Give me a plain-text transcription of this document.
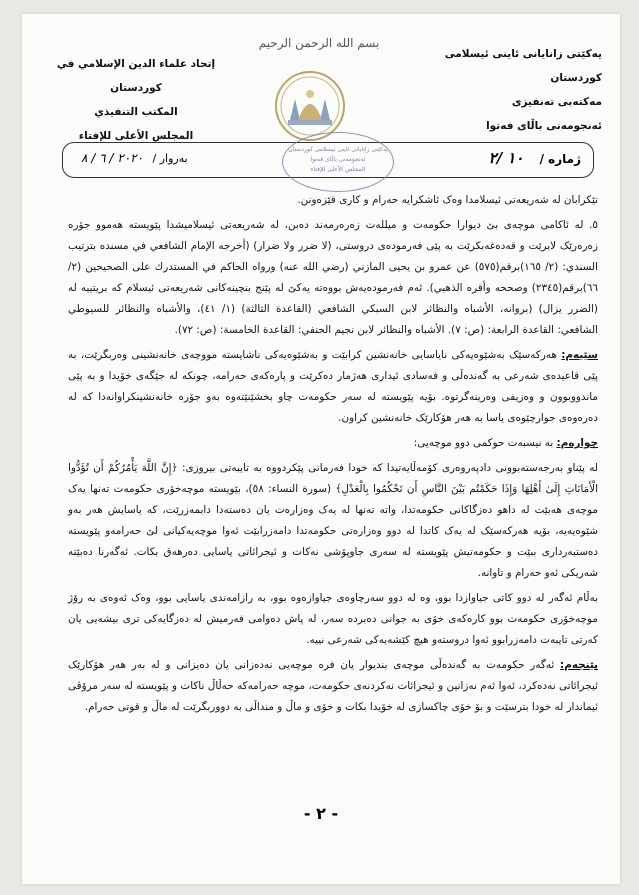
یەکێتی زانایانی ئاینی ئیسلامی کوردستان
مەکتەبی تەنفیزی
ئەنجومەنی باڵای فەتوا
بسم الله الرحمن الرحيم
إتحاد علماء الدين الإسلامي في كوردستان
المكتب التنفيذي
المجلس الأعلى للإفتاء
ژمارە / ١٠ /٢
بەروار / ٢٠٢٠ / ٦ / ٨
یەکێتی زانایانی ئاینی ئیسلامی کوردستان
ئەنجومەنی باڵای فەتوا
المجلس الأعلى للإفتاء

تێکرابان لە شەریعەتی ئیسلامدا وەک ئاشکرایە حەرام و کاری قێزەونن.

٥. لە ئاکامی موچەی بێ دیوارا حکومەت و میللەت زەرەرمەند دەبن، لە شەریعەتی ئیسلامیشدا پێویستە هەموو جۆرە زەرەرێک لابرێت و قەدەغەبکرێت بە پێی فەرمودەی دروستی، (لا ضرر ولا ضرار) (أخرجه الإمام الشافعي في مسنده بترتيب السندي: (٢/ ١٦٥)برقم(٥٧٥) عن عمرو بن يحيى المازني (رضي الله عنه) ورواه الحاكم في المستدرك على الصحيحين (٢/ ٦٦)برقم(٢٣٤٥) وصححه وأقره الذهبي). ئەم فەرمودەیەش بووەتە یەکێ لە پێنج بنچینەکانی شەریعەتی ئیسلام کە بریتییە لە (الضرر يزال) (بروانە، الأشباه والنظائر لابن السبكي الشافعي (القاعدة الثالثة) (١/ ٤١)، والأشباه والنظائر للسيوطي الشافعي: القاعدة الرابعة: (ص: ٧). الأشباه والنظائر لابن نجيم الحنفي: القاعدة الخامسة: (ص: ٧٢).

سێیەم: هەرکەسێک بەشێوەیەکی نایاسایی خانەنشین کرابێت و بەشێوەیەکی ناشایستە مووچەی خانەنشینی وەربگرێت، بە پێی قاعیدەی شەرعی بە گەندەڵی و فەسادی ئیداری هەژمار دەکرێت و پارەکەی حەرامە، چونکە لە جێگەی خۆیدا و بە پێی ماندووبوون و وەزیفی وەرینەگرتوە. بۆیە پێویستە لە سەر حکومەت چاو بخشێنێتەوە بەو جۆرە خانەنشینکراوانەدا کە لە دەرەوەی جوارچێوەی یاسا بە هەر هۆکارێک خانەنشین کراون.

چوارەم: بە نیسبەت حوکمی دوو موچەیی:

لە پێناو بەرجەستەبوونی دادپەروەری کۆمەڵایەتیدا کە خودا فەرمانی پێکردووە بە تایبەتی بیروزی: ﴿إِنَّ اللَّهَ يَأْمُرُكُمْ أَن تُؤَدُّوا الْأَمَانَاتِ إِلَىٰ أَهْلِهَا وَإِذَا حَكَمْتُم بَيْنَ النَّاسِ أَن تَحْكُمُوا بِالْعَدْلِ﴾ (سورة النساء: ٥٨)، بێویستە موچەخۆری حکومەت تەنها یەک موچەی هەبێت لە داهو دەزگاکانی حکومەتدا، واتە تەنها لە یەک وەزارەت یان دەستەدا دابمەزرێت، کە یاسایش هەر بەو شێوەیەیە، بۆیە هەرکەسێک لە یەک کاتدا لە دوو وەزارەتی حکومەتدا دامەزرابێت ئەوا موچەیەکیانی لێ حەرامەو پێویستە دەستبەرداری ببێت و حکومەتیش پێویستە لە سەری جاوپۆشی نەکات و ئیجرائاتی یاسایی دەرهەق بکات. ئەگەرنا دەبێتە شەریکی ئەو حەرام و تاوانە.

بەڵام ئەگەر لە دوو کاتی جیاوازدا بوو، وە لە دوو سەرچاوەی جیاوازەوە بوو، بە رازامەندی یاسایی بوو، وەک ئەوەی بە رۆژ موچەخۆری حکومەت بوو کارەکەی خۆی بە جوانی دەبردە سەر، لە پاش دەوامی فەرمیش لە دەزگایەکی تری بیشەیی یان کەرتی تایبەت دامەزرابوو ئەوا دروستەو هیچ کێشەیەکی شەرعی نییە.

پێنجەم: ئەگەر حکومەت بە گەندەڵی موچەی بندیوار یان فرە موچەیی نەدەزانی یان دەیزانی و لە بەر هەر هۆکارێک ئیجرائاتی نەدەکرد، ئەوا ئەم نەزانین و ئیجرائات نەکردنەی حکومەت، موچە حەرامەکە حەڵاڵ ناکات و پێویستە لە سەر مرۆڤی ئیماندار لە خودا بترسێت و بۆ خۆی چاکسازی لە خۆیدا بکات و خۆی و ماڵ و منداڵی بە دووربگرێت لە ماڵ و قوتی حەرام.

- ٢ -
